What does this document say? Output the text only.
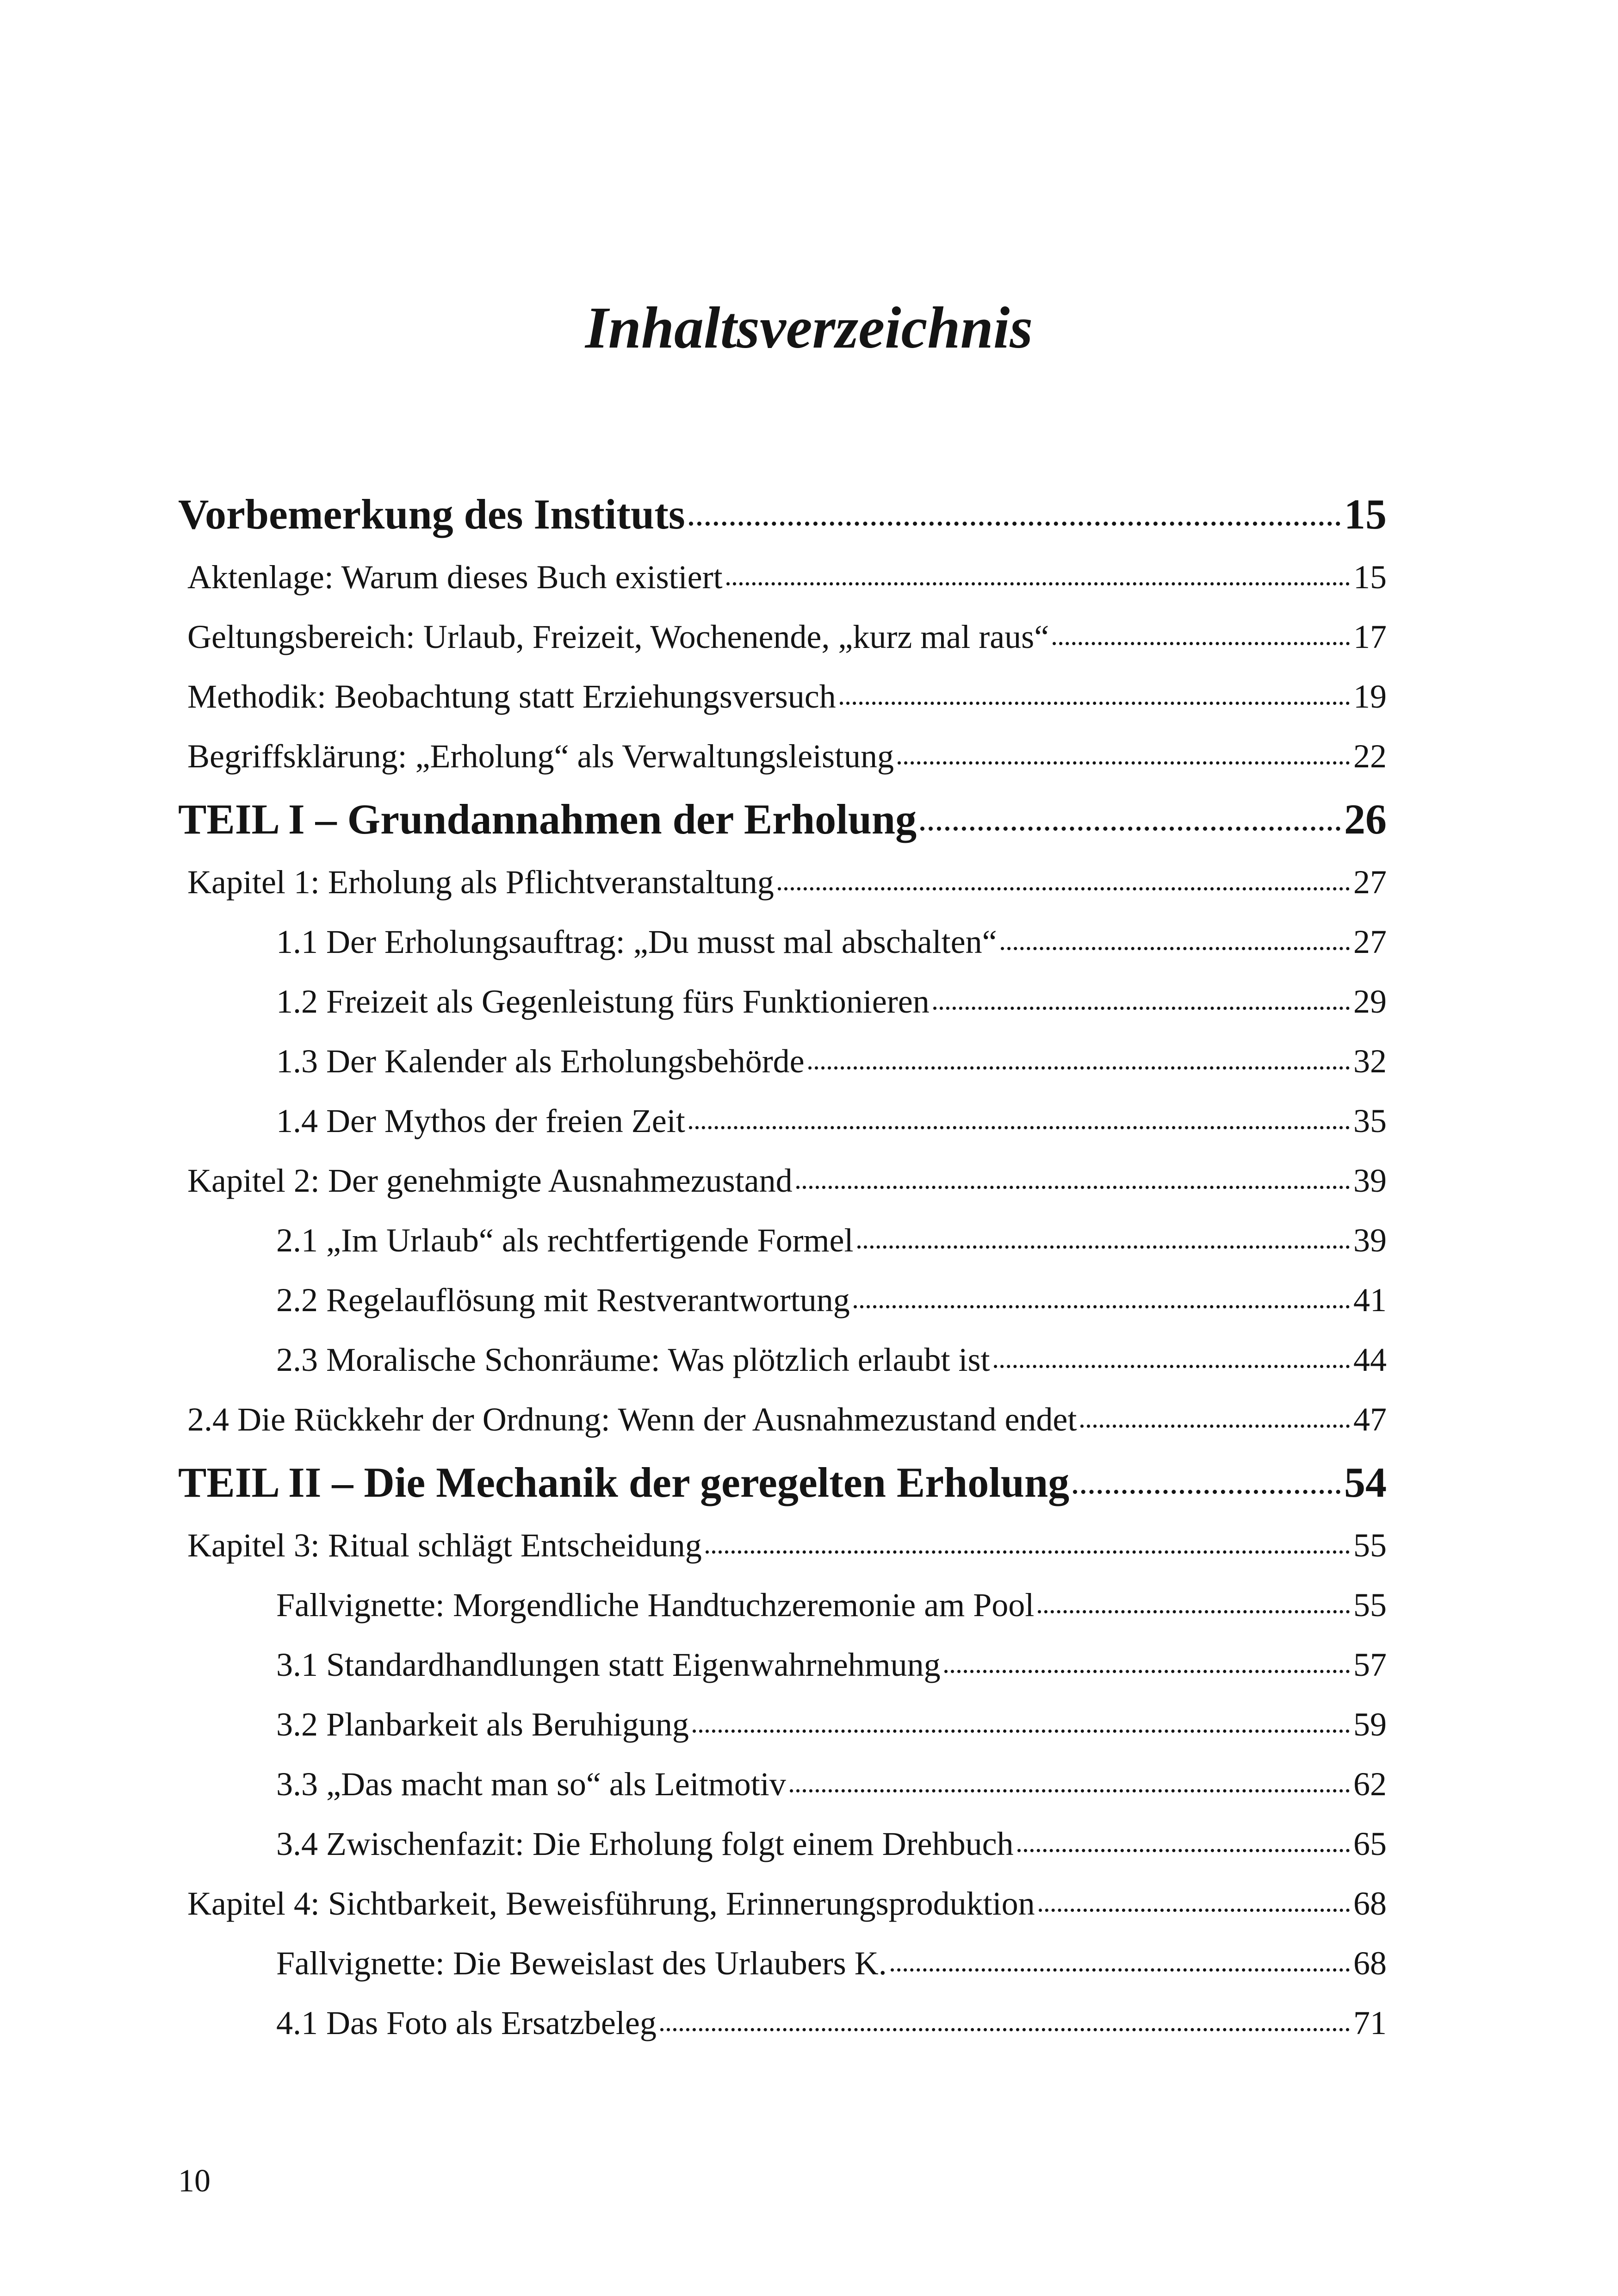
Inhaltsverzeichnis
Vorbemerkung des Instituts	15
Aktenlage: Warum dieses Buch existiert	15
Geltungsbereich: Urlaub, Freizeit, Wochenende, „kurz mal raus“	17
Methodik: Beobachtung statt Erziehungsversuch	19
Begriffsklärung: „Erholung“ als Verwaltungsleistung	22
TEIL I – Grundannahmen der Erholung	26
Kapitel 1: Erholung als Pflichtveranstaltung	27
1.1 Der Erholungsauftrag: „Du musst mal abschalten“	27
1.2 Freizeit als Gegenleistung fürs Funktionieren	29
1.3 Der Kalender als Erholungsbehörde	32
1.4 Der Mythos der freien Zeit	35
Kapitel 2: Der genehmigte Ausnahmezustand	39
2.1 „Im Urlaub“ als rechtfertigende Formel	39
2.2 Regelauflösung mit Restverantwortung	41
2.3 Moralische Schonräume: Was plötzlich erlaubt ist	44
2.4 Die Rückkehr der Ordnung: Wenn der Ausnahmezustand endet	47
TEIL II – Die Mechanik der geregelten Erholung	54
Kapitel 3: Ritual schlägt Entscheidung	55
Fallvignette: Morgendliche Handtuchzeremonie am Pool	55
3.1 Standardhandlungen statt Eigenwahrnehmung	57
3.2 Planbarkeit als Beruhigung	59
3.3 „Das macht man so“ als Leitmotiv	62
3.4 Zwischenfazit: Die Erholung folgt einem Drehbuch	65
Kapitel 4: Sichtbarkeit, Beweisführung, Erinnerungsproduktion	68
Fallvignette: Die Beweislast des Urlaubers K.	68
4.1 Das Foto als Ersatzbeleg	71
10
